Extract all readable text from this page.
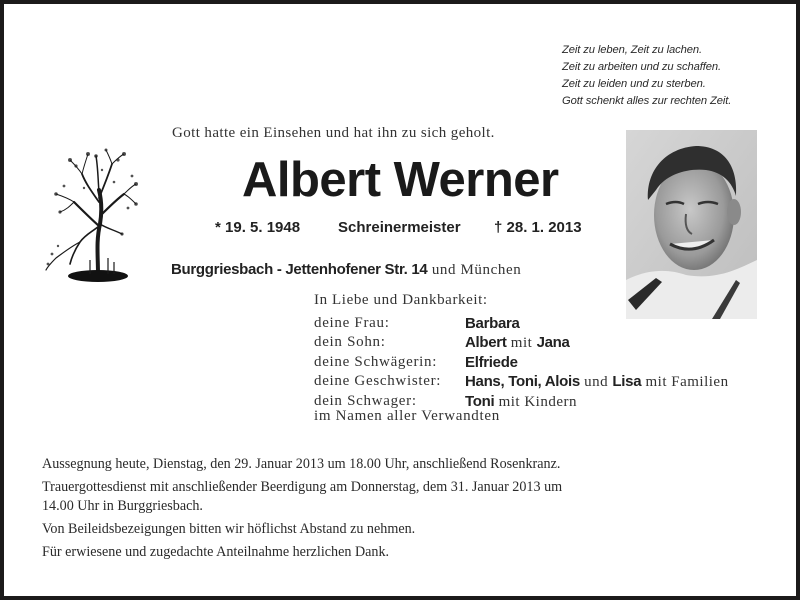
Zeit zu leben, Zeit zu lachen.
Zeit zu arbeiten und zu schaffen.
Zeit zu leiden und zu sterben.
Gott schenkt alles zur rechten Zeit.
Gott hatte ein Einsehen und hat ihn zu sich geholt.
Albert Werner
* 19. 5. 1948	Schreinermeister † 28. 1. 2013
Burggriesbach - Jettenhofener Str. 14 und München
In Liebe und Dankbarkeit:
deine Frau:	Barbara
dein Sohn:	Albert mit Jana
deine Schwägerin: Elfriede
deine Geschwister: Hans, Toni, Alois und Lisa mit Familien
dein Schwager:	Toni mit Kindern
im Namen aller Verwandten

Aussegnung heute, Dienstag, den 29. Januar 2013 um 18.00 Uhr, anschließend Rosenkranz.

Trauergottesdienst mit anschließender Beerdigung am Donnerstag, dem 31. Januar 2013 um

14.00 Uhr in Burggriesbach.

Von Beileidsbezeigungen bitten wir höflichst Abstand zu nehmen.

Für erwiesene und zugedachte Anteilnahme herzlichen Dank.
